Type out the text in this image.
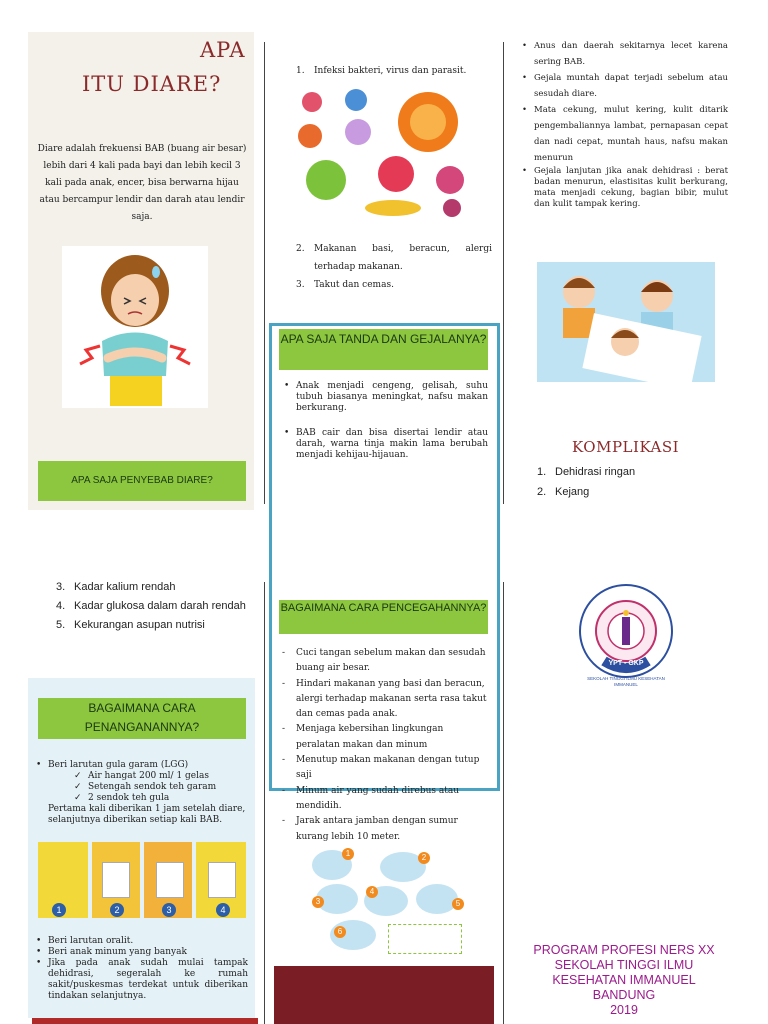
APA
ITU DIARE?
Diare adalah frekuensi BAB (buang air besar) lebih dari 4 kali pada bayi dan lebih kecil 3 kali pada anak, encer, bisa berwarna hijau atau bercampur lendir dan darah atau lendir saja.
APA SAJA PENYEBAB DIARE?
1. Infeksi bakteri, virus dan parasit.
2. Makanan basi, beracun, alergi terhadap makanan.
3. Takut dan cemas.
APA SAJA TANDA DAN GEJALANYA?
• Anak menjadi cengeng, gelisah, suhu tubuh biasanya meningkat, nafsu makan berkurang.
• BAB cair dan bisa disertai lendir atau darah, warna tinja makin lama berubah menjadi kehijau-hijauan.
• Anus dan daerah sekitarnya lecet karena sering BAB.
• Gejala muntah dapat terjadi sebelum atau sesudah diare.
• Mata cekung, mulut kering, kulit ditarik pengembaliannya lambat, pernapasan cepat dan nadi cepat, muntah haus, nafsu makan menurun
• Gejala lanjutan jika anak dehidrasi : berat badan menurun, elastisitas kulit berkurang, mata menjadi cekung, bagian bibir, mulut dan kulit tampak kering.
KOMPLIKASI
1. Dehidrasi ringan
2. Kejang
3. Kadar kalium rendah
4. Kadar glukosa dalam darah rendah
5. Kekurangan asupan nutrisi
BAGAIMANA CARA PENANGANANNYA?
• Beri larutan gula garam (LGG)
✓ Air hangat 200 ml/ 1 gelas
✓ Setengah sendok teh garam
✓ 2 sendok teh gula
Pertama kali diberikan 1 jam setelah diare, selanjutnya diberikan setiap kali BAB.
1	2	3	4
• Beri larutan oralit.
• Beri anak minum yang banyak
• Jika pada anak sudah mulai tampak dehidrasi, segeralah ke rumah sakit/puskesmas terdekat untuk diberikan tindakan selanjutnya.
BAGAIMANA CARA PENCEGAHANNYA?
- Cuci tangan sebelum makan dan sesudah buang air besar.
- Hindari makanan yang basi dan beracun, alergi terhadap makanan serta rasa takut dan cemas pada anak.
- Menjaga kebersihan lingkungan peralatan makan dan minum
- Menutup makan makanan dengan tutup saji
- Minum air yang sudah direbus atau mendidih.
- Jarak antara jamban dengan sumur kurang lebih 10 meter.
1	2
3
4
5
6
YPT - GKP
SEKOLAH TINGGI ILMU KESEHATAN IMMANUEL
PROGRAM PROFESI NERS XX
SEKOLAH TINGGI ILMU
KESEHATAN IMMANUEL
BANDUNG
2019
